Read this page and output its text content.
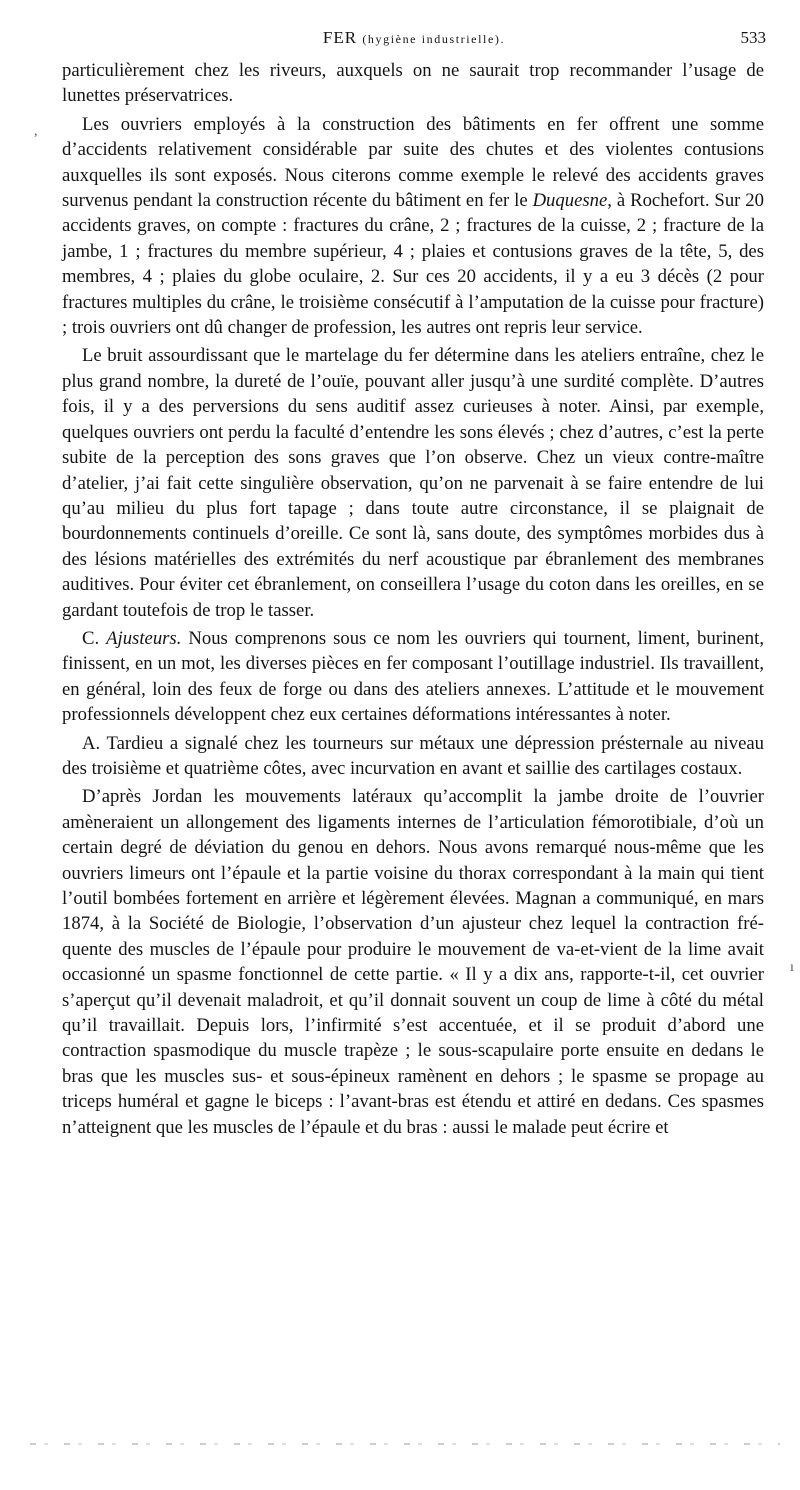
FER (hygiène industrielle).	533

particulièrement chez les riveurs, auxquels on ne saurait trop recommander l’usage de lunettes préservatrices.

Les ouvriers employés à la construction des bâtiments en fer offrent une somme d’accidents relativement considérable par suite des chutes et des violentes contusions auxquelles ils sont exposés. Nous citerons comme exemple le relevé des accidents graves survenus pendant la construction récente du bâtiment en fer le Duquesne, à Rochefort. Sur 20 accidents graves, on compte : fractures du crâne, 2 ; fractures de la cuisse, 2 ; fracture de la jambe, 1 ; fractures du membre supérieur, 4 ; plaies et contusions graves de la tête, 5, des membres, 4 ; plaies du globe oculaire, 2. Sur ces 20 accidents, il y a eu 3 décès (2 pour fractures multiples du crâne, le troisième consécutif à l’amputation de la cuisse pour fracture) ; trois ouvriers ont dû changer de profession, les autres ont repris leur service.

Le bruit assourdissant que le martelage du fer détermine dans les ateliers entraîne, chez le plus grand nombre, la dureté de l’ouïe, pouvant aller jusqu’à une surdité complète. D’autres fois, il y a des perversions du sens auditif assez curieuses à noter. Ainsi, par exemple, quelques ouvriers ont perdu la faculté d’entendre les sons élevés ; chez d’autres, c’est la perte subite de la perception des sons graves que l’on observe. Chez un vieux contre-maître d’atelier, j’ai fait cette singulière observation, qu’on ne parvenait à se faire entendre de lui qu’au milieu du plus fort tapage ; dans toute autre circonstance, il se plaignait de bourdonnements continuels d’oreille. Ce sont là, sans doute, des symptômes morbides dus à des lésions matérielles des extrémités du nerf acoustique par ébranlement des membranes auditives. Pour éviter cet ébranlement, on conseillera l’usage du coton dans les oreilles, en se gardant toutefois de trop le tasser.

C. Ajusteurs. Nous comprenons sous ce nom les ouvriers qui tournent, liment, burinent, finissent, en un mot, les diverses pièces en fer composant l’outillage industriel. Ils travaillent, en général, loin des feux de forge ou dans des ateliers annexes. L’attitude et le mouvement professionnels développent chez eux certaines déformations intéressantes à noter.

A. Tardieu a signalé chez les tourneurs sur métaux une dépression présternale au niveau des troisième et quatrième côtes, avec incurvation en avant et saillie des cartilages costaux.

D’après Jordan les mouvements latéraux qu’accomplit la jambe droite de l’ouvrier amèneraient un allongement des ligaments internes de l’articulation fémorotibiale, d’où un certain degré de déviation du genou en dehors. Nous avons remarqué nous-même que les ouvriers limeurs ont l’épaule et la partie voisine du thorax correspondant à la main qui tient l’outil bombées fortement en arrière et légèrement élevées. Magnan a communiqué, en mars 1874, à la Société de Biologie, l’observation d’un ajusteur chez lequel la contraction fréquente des muscles de l’épaule pour produire le mouvement de va-et-vient de la lime avait occasionné un spasme fonctionnel de cette partie. « Il y a dix ans, rapporte-t-il, cet ouvrier s’aperçut qu’il devenait maladroit, et qu’il donnait souvent un coup de lime à côté du métal qu’il travaillait. Depuis lors, l’infirmité s’est accentuée, et il se produit d’abord une contraction spasmodique du muscle trapèze ; le sous-scapulaire porte ensuite en dedans le bras que les muscles sus- et sous-épineux ramènent en dehors ; le spasme se propage au triceps huméral et gagne le biceps : l’avant-bras est étendu et attiré en dedans. Ces spasmes n’atteignent que les muscles de l’épaule et du bras : aussi le malade peut écrire et

,
ı
